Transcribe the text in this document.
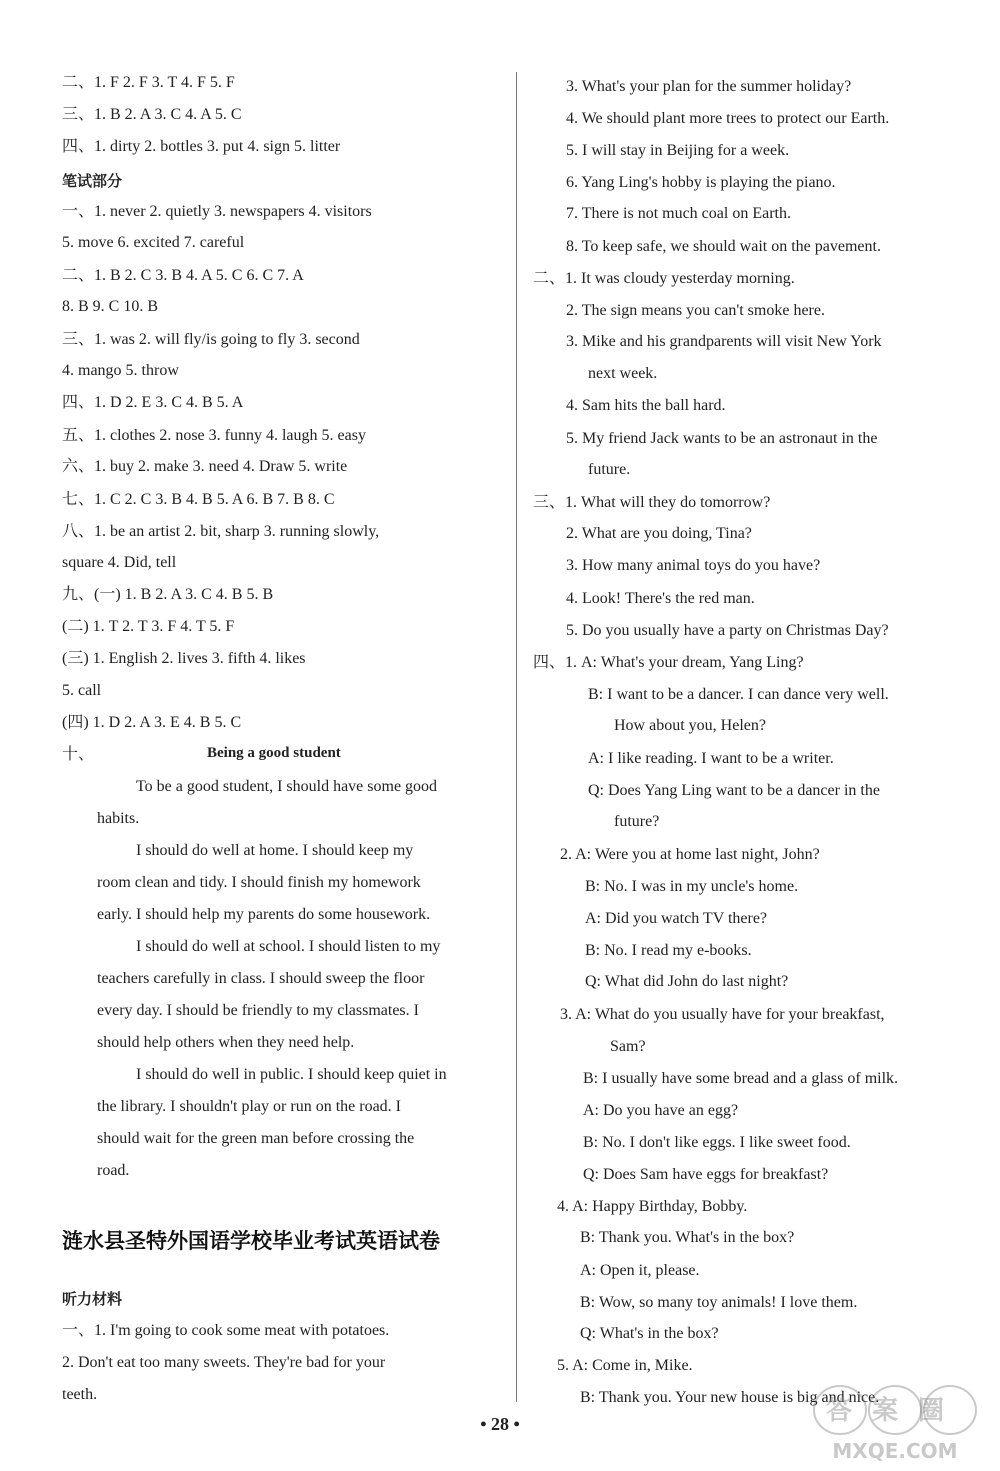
二、1. F 2. F 3. T 4. F 5. F
三、1. B 2. A 3. C 4. A 5. C
四、1. dirty 2. bottles 3. put 4. sign 5. litter
笔试部分
一、1. never 2. quietly 3. newspapers 4. visitors
5. move 6. excited 7. careful
二、1. B 2. C 3. B 4. A 5. C 6. C 7. A
8. B 9. C 10. B
三、1. was 2. will fly/is going to fly 3. second
4. mango 5. throw
四、1. D 2. E 3. C 4. B 5. A
五、1. clothes 2. nose 3. funny 4. laugh 5. easy
六、1. buy 2. make 3. need 4. Draw 5. write
七、1. C 2. C 3. B 4. B 5. A 6. B 7. B 8. C
八、1. be an artist 2. bit, sharp 3. running slowly,
square 4. Did, tell
九、(一) 1. B 2. A 3. C 4. B 5. B
(二) 1. T 2. T 3. F 4. T 5. F
(三) 1. English 2. lives 3. fifth 4. likes
5. call
(四) 1. D 2. A 3. E 4. B 5. C
十、	Being a good student
To be a good student, I should have some good
habits.
I should do well at home. I should keep my
room clean and tidy. I should finish my homework
early. I should help my parents do some housework.
I should do well at school. I should listen to my
teachers carefully in class. I should sweep the floor
every day. I should be friendly to my classmates. I
should help others when they need help.
I should do well in public. I should keep quiet in
the library. I shouldn't play or run on the road. I
should wait for the green man before crossing the
road.
涟水县圣特外国语学校毕业考试英语试卷
听力材料
一、1. I'm going to cook some meat with potatoes.
2. Don't eat too many sweets. They're bad for your
teeth.
3. What's your plan for the summer holiday?
4. We should plant more trees to protect our Earth.
5. I will stay in Beijing for a week.
6. Yang Ling's hobby is playing the piano.
7. There is not much coal on Earth.
8. To keep safe, we should wait on the pavement.
二、1. It was cloudy yesterday morning.
2. The sign means you can't smoke here.
3. Mike and his grandparents will visit New York
next week.
4. Sam hits the ball hard.
5. My friend Jack wants to be an astronaut in the
future.
三、1. What will they do tomorrow?
2. What are you doing, Tina?
3. How many animal toys do you have?
4. Look! There's the red man.
5. Do you usually have a party on Christmas Day?
四、1. A: What's your dream, Yang Ling?
B: I want to be a dancer. I can dance very well.
How about you, Helen?
A: I like reading. I want to be a writer.
Q: Does Yang Ling want to be a dancer in the
future?
2. A: Were you at home last night, John?
B: No. I was in my uncle's home.
A: Did you watch TV there?
B: No. I read my e-books.
Q: What did John do last night?
3. A: What do you usually have for your breakfast,
Sam?
B: I usually have some bread and a glass of milk.
A: Do you have an egg?
B: No. I don't like eggs. I like sweet food.
Q: Does Sam have eggs for breakfast?
4. A: Happy Birthday, Bobby.
B: Thank you. What's in the box?
A: Open it, please.
B: Wow, so many toy animals! I love them.
Q: What's in the box?
5. A: Come in, Mike.
B: Thank you. Your new house is big and nice.
• 28 •	答案圈
MXQE.COM
